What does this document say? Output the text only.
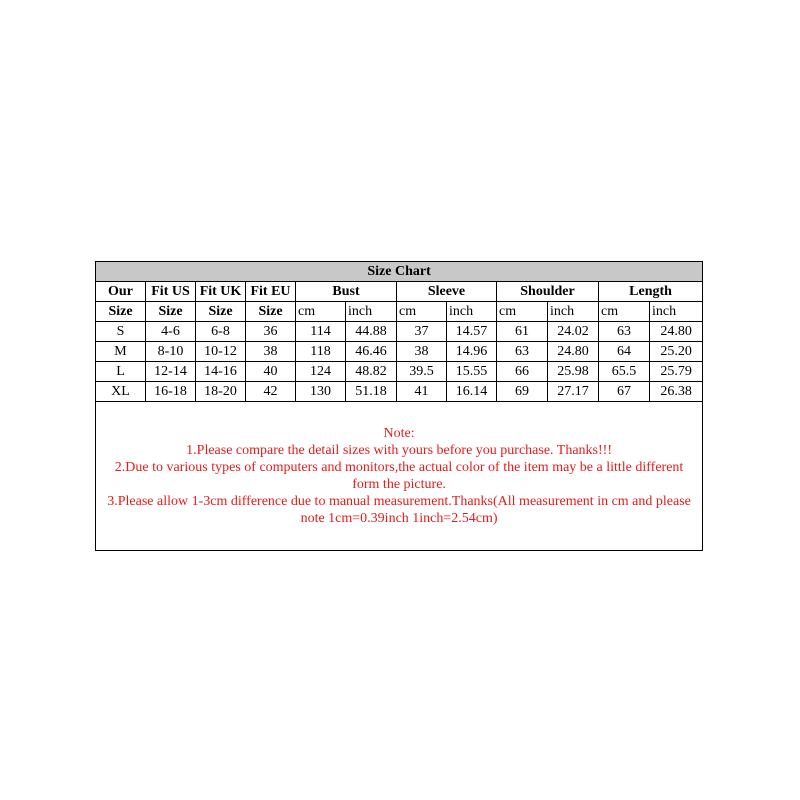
Size Chart											
Our	Fit US	Fit UK	Fit EU	Bust		Sleeve		Shoulder		Length	
Size	Size	Size	Size	cm	inch	cm	inch	cm	inch	cm	inch
S	4-6	6-8	36	114	44.88	37	14.57	61	24.02	63	24.80
M	8-10	10-12	38	118	46.46	38	14.96	63	24.80	64	25.20
L	12-14	14-16	40	124	48.82	39.5	15.55	66	25.98	65.5	25.79
XL	16-18	18-20	42	130	51.18	41	16.14	69	27.17	67	26.38

Note:
1.Please compare the detail sizes with yours before you purchase. Thanks!!!
2.Due to various types of computers and monitors,the actual color of the item may be a little different form the picture.
3.Please allow 1-3cm difference due to manual measurement.Thanks(All measurement in cm and please note 1cm=0.39inch 1inch=2.54cm)											
